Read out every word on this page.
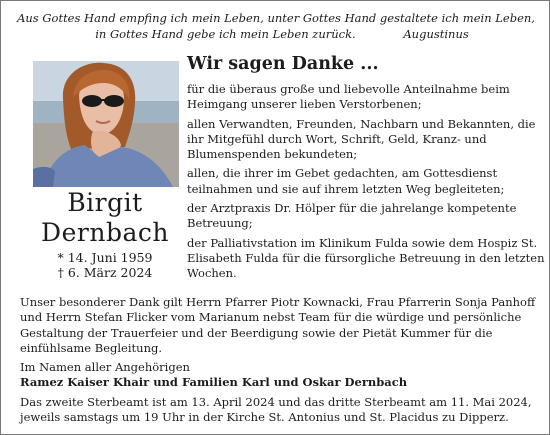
Aus Gottes Hand empfing ich mein Leben, unter Gottes Hand gestaltete ich mein Leben,
in Gottes Hand gebe ich mein Leben zurück.	Augustinus
Birgit
Dernbach
* 14. Juni 1959
† 6. März 2024
Wir sagen Danke ...

für die überaus große und liebevolle Anteilnahme beim Heimgang unserer lieben Verstorbenen;

allen Verwandten, Freunden, Nachbarn und Bekannten, die ihr Mitgefühl durch Wort, Schrift, Geld, Kranz- und Blumenspenden bekundeten;

allen, die ihrer im Gebet gedachten, am Gottesdienst teilnahmen und sie auf ihrem letzten Weg begleiteten;

der Arztpraxis Dr. Hölper für die jahrelange kompetente Betreuung;

der Palliativstation im Klinikum Fulda sowie dem Hospiz St. Elisabeth Fulda für die fürsorgliche Betreuung in den letzten Wochen.

Unser besonderer Dank gilt Herrn Pfarrer Piotr Kownacki, Frau Pfarrerin Sonja Panhoff und Herrn Stefan Flicker vom Marianum nebst Team für die würdige und persönliche Gestaltung der Trauerfeier und der Beerdigung sowie der Pietät Kummer für die einfühlsame Begleitung.

Im Namen aller Angehörigen

Ramez Kaiser Khair und Familien Karl und Oskar Dernbach

Das zweite Sterbeamt ist am 13. April 2024 und das dritte Sterbeamt am 11. Mai 2024, jeweils samstags um 19 Uhr in der Kirche St. Antonius und St. Placidus zu Dipperz.
